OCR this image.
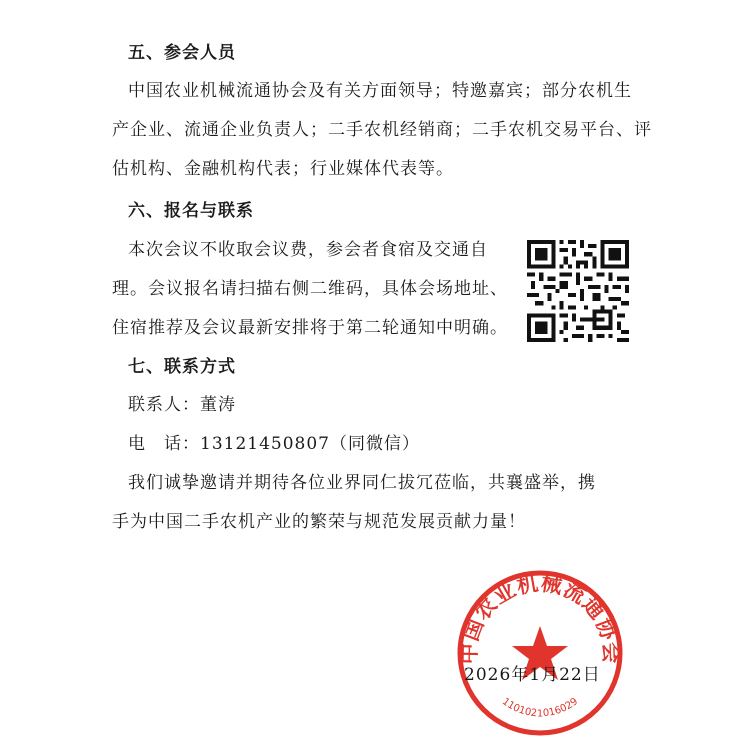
五、参会人员
中国农业机械流通协会及有关方面领导；特邀嘉宾；部分农机生
产企业、流通企业负责人；二手农机经销商；二手农机交易平台、评
估机构、金融机构代表；行业媒体代表等。
六、报名与联系
本次会议不收取会议费，参会者食宿及交通自
理。会议报名请扫描右侧二维码，具体会场地址、
住宿推荐及会议最新安排将于第二轮通知中明确。
七、联系方式
联系人：董涛
电　话：13121450807（同微信）
我们诚挚邀请并期待各位业界同仁拔冗莅临，共襄盛举，携
手为中国二手农机产业的繁荣与规范发展贡献力量！
中国农业机械流通协会
1101021016029
2026年1月22日
